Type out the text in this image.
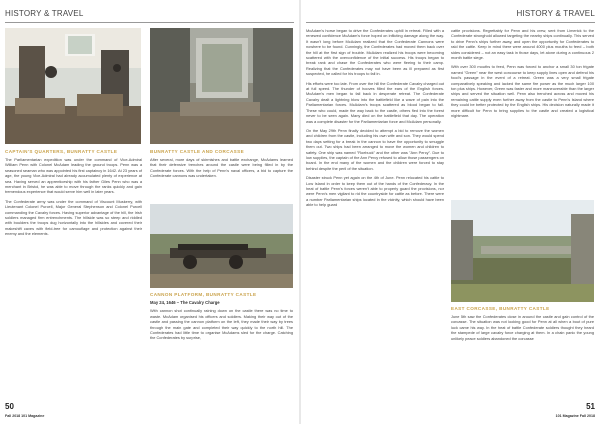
HISTORY & TRAVEL
CAPTAIN'S QUARTERS, BUNRATTY CASTLE	BUNRATTY CASTLE AND CORCASSE

The Parliamentarian expedition was under the command of Vice-Admiral William Penn with Colonel McAdam leading the ground troops. Penn was a seasoned seaman who was appointed his first captaincy in 1642. At 23 years of age, the young Vice-Admiral had already accumulated plenty of experience at sea. Having served an apprenticeship with his father Giles Penn who was a merchant in Bristol, he was able to move through the ranks quickly and gain tremendous experience that would serve him well in later years.

The Confederate army was under the command of Viscount Muskerry, with Lieutenant Colonel Purcell, Major General Stephenson and Colonel Purcell commanding the Cavalry forces. Having superior advantage of the hill, the Irish soldiers managed firm entrenchments. The hillside was so steep and riddled with boulders the troops dug horizontally into the hillsides and covered their makeshift caves with field-tree for camouflage and protection against their enemy and the elements.

After several, more days of skirmishes and battle exchange, McAdams learned that their defensive trenches around the castle were being filled in by the Confederate forces. With the help of Penn's naval officers, a bid to capture the Confederate cannons was undertaken.

CANNON PLATFORM, BUNRATTY CASTLE
May 24, 1646 – The Cavalry Charge

With cannon shot continually raining down on the castle there was no time to waste. McAdam organised his officers and soldiers. Making their way out of the castle and passing the cannon platform on the left, they made their way by trees through the main gate and completed their way quickly to the north hill. The Confederates had little time to organise McAdams sled for the charge. Catching the Confederates by surprise,

50
Fall 2018 101 Magazine
HISTORY & TRAVEL

McAdam's horse began to drive the Confederates uphill in retreat. Filled with a renewed confidence McAdam's force hoped on inflicting damage along the way. It wasn't long before McAdam realized that the Confederate Cannons were nowhere to be found. Cunningly, the Confederates had moved them back over the hill at the first sign of trouble. McAdam realized his troops were becoming scattered with the overconfidence of the initial success. His troops began to break rank and chase the Confederates who were fleeing to their camp. Realizing that the Confederates may not have been as ill prepared as first suspected, he called for his troops to fall in.

His efforts were too late. From over the hill the Confederate Cavalry charged out at full speed. The thunder of hooves filled the ears of the English forces. McAdam's men began to fall back in desperate retreat. The Confederate Cavalry dealt a lightning blow into the battlefield like a wave of pain into the Parliamentarian forces. McAdam's troops scattered as blood began to fall. These who could, made the way back to the castle, others fled into the forest never to be seen again. Many died on the battlefield that day. The operation was a complete disaster for the Parliamentarian force and McAdam personally.

On the May 29th Penn finally decided to attempt a bid to remove the women and children from the castle, including his own wife and son. They would spend two days setting for a break in the cannon to have the opportunity to smuggle them out. Two ships had been arranged to move the women and children to safety. One ship was named "Roebuck" and the other was "Ann Percy". Due to low supplies, the captain of the Ann Percy refused to allow those passengers on board. In the end many of the women and the children were forced to stay behind despite the peril of the situation.

Disaster struck Penn yet again on the 4th of June. Penn relocated his cattle to Low Island in order to keep them out of the hands of the Confederacy. In the heat of battle Penn's forces weren't able to properly guard the provisions, nor were Penn's men vigilant to rid the countryside for cattle as before. There were a number Parliamentarian ships located in the vicinity, which should have been able to help guard

cattle provisions. Regrettably for Penn and his crew, sent from Limerick to the Confederate stronghold allowed targeting the nearby ships continually. This served to drive Penn's ships further away, and open the opportunity for Confederates to raid the cattle. Keep in mind there were around 4000 plus mouths to feed – both sides considered – not an easy task in those days, let alone during a continuous 2 month battle siege.

With over 300 mouths to feed, Penn was forced to anchor a small 30 ton frigate named "Green" near the west concourse to keep supply lines open and defend his food's passage in the event of a retreat. Green was a very small frigate comparatively speaking and lacked the same fire power as the much larger 100 ton plus ships. However, Green was faster and more maneuverable than the larger ships and served the situation well. Penn also trenched across and moved his remaining cattle supply even further away from the castle to Penn's Island where they could be better protected by the English ships. His decision naturally made it more difficult for Penn to bring supplies to the castle and created a logistical nightmare.

EAST CORCASSE, BUNRATTY CASTLE

June 5th saw the Confederates close in around the castle and gain control of the corcasse. The situation was not looking good for Penn at all when a bout of pure luck came his way. In the heat of battle Confederate soldiers thought they heard the stampede of large cavalry force charging at them. In a chain panic the young unlikely peace soldiers abandoned the corcasse

51
101 Magazine Fall 2018
